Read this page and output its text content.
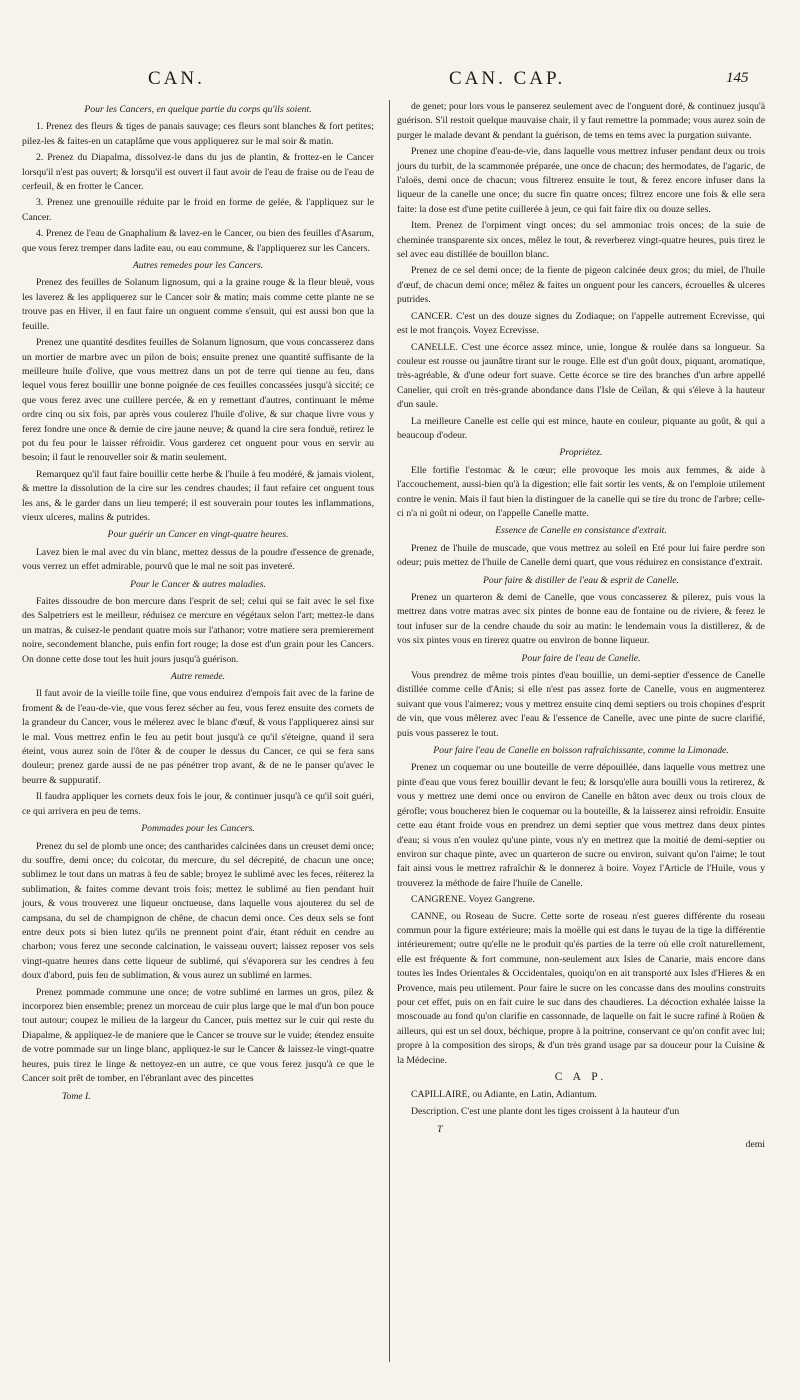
CAN.	CAN. CAP.	145
Pour les Cancers, en quelque partie du corps qu'ils soient.

1. Prenez des fleurs & tiges de panais sauvage; ces fleurs sont blanches & fort petites; pilez-les & faites-en un cataplâme que vous appliquerez sur le mal soir & matin.

2. Prenez du Diapalma, dissolvez-le dans du jus de plantin, & frottez-en le Cancer lorsqu'il n'est pas ouvert; & lorsqu'il est ouvert il faut avoir de l'eau de fraise ou de l'eau de cerfeuil, & en frotter le Cancer.

3. Prenez une grenouille réduite par le froid en forme de gelée, & l'appliquez sur le Cancer.

4. Prenez de l'eau de Gnaphalium & lavez-en le Cancer, ou bien des feuilles d'Asarum, que vous ferez tremper dans ladite eau, ou eau commune, & l'appliquerez sur les Cancers.

Autres remedes pour les Cancers.

Prenez des feuilles de Solanum lignosum, qui a la graine rouge & la fleur bleuë, vous les laverez & les appliquerez sur le Cancer soir & matin; mais comme cette plante ne se trouve pas en Hiver, il en faut faire un onguent comme s'ensuit, qui est aussi bon que la feuille.

Prenez une quantité desdites feuilles de Solanum lignosum, que vous concasserez dans un mortier de marbre avec un pilon de bois; ensuite prenez une quantité suffisante de la meilleure huile d'olive, que vous mettrez dans un pot de terre qui tienne au feu, dans lequel vous ferez bouillir une bonne poignée de ces feuilles concassées jusqu'à siccité; ce que vous ferez avec une cuillere percée, & en y remettant d'autres, continuant le même ordre cinq ou six fois, par après vous coulerez l'huile d'olive, & sur chaque livre vous y ferez fondre une once & demie de cire jaune neuve; & quand la cire sera fonduë, retirez le pot du feu pour le laisser réfroidir. Vous garderez cet onguent pour vous en servir au besoin; il faut le renouveller soir & matin seulement.

Remarquez qu'il faut faire bouillir cette herbe & l'huile à feu modéré, & jamais violent, & mettre la dissolution de la cire sur les cendres chaudes; il faut refaire cet onguent tous les ans, & le garder dans un lieu temperé; il est souverain pour toutes les inflammations, vieux ulceres, malins & putrides.

Pour guérir un Cancer en vingt-quatre heures.

Lavez bien le mal avec du vin blanc, mettez dessus de la poudre d'essence de grenade, vous verrez un effet admirable, pourvû que le mal ne soit pas inveteré.

Pour le Cancer & autres maladies.

Faites dissoudre de bon mercure dans l'esprit de sel; celui qui se fait avec le sel fixe des Salpetriers est le meilleur, réduisez ce mercure en végétaux selon l'art; mettez-le dans un matras, & cuisez-le pendant quatre mois sur l'athanor; votre matiere sera premierement noire, secondement blanche, puis enfin fort rouge; la dose est d'un grain pour les Cancers. On donne cette dose tout les huit jours jusqu'à guérison.

Autre remede.

Il faut avoir de la vieille toile fine, que vous enduirez d'empois fait avec de la farine de froment & de l'eau-de-vie, que vous ferez sécher au feu, vous ferez ensuite des cornets de la grandeur du Cancer, vous le mélerez avec le blanc d'œuf, & vous l'appliquerez ainsi sur le mal. Vous mettrez enfin le feu au petit bout jusqu'à ce qu'il s'éteigne, quand il sera éteint, vous aurez soin de l'ôter & de couper le dessus du Cancer, ce qui se fera sans douleur; prenez garde aussi de ne pas pénétrer trop avant, & de ne le panser qu'avec le beurre & suppuratif.

Il faudra appliquer les cornets deux fois le jour, & continuer jusqu'à ce qu'il soit guéri, ce qui arrivera en peu de tems.

Pommades pour les Cancers.

Prenez du sel de plomb une once; des cantharides calcinées dans un creuset demi once; du souffre, demi once; du colcotar, du mercure, du sel décrepité, de chacun une once; sublimez le tout dans un matras à feu de sable; broyez le sublimé avec les feces, réiterez la sublimation, & faites comme devant trois fois; mettez le sublimé au fien pendant huit jours, & vous trouverez une liqueur onctueuse, dans laquelle vous ajouterez du sel de campsana, du sel de champignon de chêne, de chacun demi once. Ces deux sels se font entre deux pots si bien lutez qu'ils ne prennent point d'air, étant réduit en cendre au charbon; vous ferez une seconde calcination, le vaisseau ouvert; laissez reposer vos sels vingt-quatre heures dans cette liqueur de sublimé, qui s'évaporera sur les cendres à feu doux d'abord, puis feu de sublimation, & vous aurez un sublimé en larmes.

Prenez pommade commune une once; de votre sublimé en larmes un gros, pilez & incorporez bien ensemble; prenez un morceau de cuir plus large que le mal d'un bon pouce tout autour; coupez le milieu de la largeur du Cancer, puis mettez sur le cuir qui reste du Diapalme, & appliquez-le de maniere que le Cancer se trouve sur le vuide; étendez ensuite de votre pommade sur un linge blanc, appliquez-le sur le Cancer & laissez-le vingt-quatre heures, puis tirez le linge & nettoyez-en un autre, ce que vous ferez jusqu'à ce que le Cancer soit prêt de tomber, en l'ébranlant avec des pincettes

Tome I.

de genet; pour lors vous le panserez seulement avec de l'onguent doré, & continuez jusqu'à guérison. S'il restoit quelque mauvaise chair, il y faut remettre la pommade; vous aurez soin de purger le malade devant & pendant la guérison, de tems en tems avec la purgation suivante.

Prenez une chopine d'eau-de-vie, dans laquelle vous mettrez infuser pendant deux ou trois jours du turbit, de la scammonée préparée, une once de chacun; des hermodates, de l'agaric, de l'aloës, demi once de chacun; vous filtrerez ensuite le tout, & ferez encore infuser dans la liqueur de la canelle une once; du sucre fin quatre onces; filtrez encore une fois & elle sera faite: la dose est d'une petite cuillerée à jeun, ce qui fait faire dix ou douze selles.

Item. Prenez de l'orpiment vingt onces; du sel ammoniac trois onces; de la suie de cheminée transparente six onces, mêlez le tout, & reverberez vingt-quatre heures, puis tirez le sel avec eau distillée de bouillon blanc.

Prenez de ce sel demi once; de la fiente de pigeon calcinée deux gros; du miel, de l'huile d'œuf, de chacun demi once; mêlez & faites un onguent pour les cancers, écrouelles & ulceres putrides.

CANCER. C'est un des douze signes du Zodiaque; on l'appelle autrement Ecrevisse, qui est le mot françois. Voyez Ecrevisse.

CANELLE. C'est une écorce assez mince, unie, longue & roulée dans sa longueur. Sa couleur est rousse ou jaunâtre tirant sur le rouge. Elle est d'un goût doux, piquant, aromatique, très-agréable, & d'une odeur fort suave. Cette écorce se tire des branches d'un arbre appellé Canelier, qui croît en très-grande abondance dans l'Isle de Ceïlan, & qui s'éleve à la hauteur d'un saule.

La meilleure Canelle est celle qui est mince, haute en couleur, piquante au goût, & qui a beaucoup d'odeur.

Propriétez.

Elle fortifie l'estomac & le cœur; elle provoque les mois aux femmes, & aide à l'accouchement, aussi-bien qu'à la digestion; elle fait sortir les vents, & on l'emploie utilement contre le venin. Mais il faut bien la distinguer de la canelle qui se tire du tronc de l'arbre; celle-ci n'a ni goût ni odeur, on l'appelle Canelle matte.

Essence de Canelle en consistance d'extrait.

Prenez de l'huile de muscade, que vous mettrez au soleil en Eté pour lui faire perdre son odeur; puis mettez de l'huile de Canelle demi quart, que vous réduirez en consistance d'extrait.

Pour faire & distiller de l'eau & esprit de Canelle.

Prenez un quarteron & demi de Canelle, que vous concasserez & pilerez, puis vous la mettrez dans votre matras avec six pintes de bonne eau de fontaine ou de riviere, & ferez le tout infuser sur de la cendre chaude du soir au matin: le lendemain vous la distillerez, & de vos six pintes vous en tirerez quatre ou environ de bonne liqueur.

Pour faire de l'eau de Canelle.

Vous prendrez de même trois pintes d'eau bouillie, un demi-septier d'essence de Canelle distillée comme celle d'Anis; si elle n'est pas assez forte de Canelle, vous en augmenterez suivant que vous l'aimerez; vous y mettrez ensuite cinq demi septiers ou trois chopines d'esprit de vin, que vous mêlerez avec l'eau & l'essence de Canelle, avec une pinte de sucre clarifié, puis vous passerez le tout.

Pour faire l'eau de Canelle en boisson rafraîchissante, comme la Limonade.

Prenez un coquemar ou une bouteille de verre dépouillée, dans laquelle vous mettrez une pinte d'eau que vous ferez bouillir devant le feu; & lorsqu'elle aura bouilli vous la retirerez, & vous y mettrez une demi once ou environ de Canelle en bâton avec deux ou trois cloux de gérofle; vous boucherez bien le coquemar ou la bouteille, & la laisserez ainsi refroidir. Ensuite cette eau étant froide vous en prendrez un demi septier que vous mettrez dans deux pintes d'eau; si vous n'en voulez qu'une pinte, vous n'y en mettrez que la moitié de demi-septier ou environ sur chaque pinte, avec un quarteron de sucre ou environ, suivant qu'on l'aime; le tout fait ainsi vous le mettrez rafraîchir & le donnerez à boire. Voyez l'Article de l'Huile, vous y trouverez la méthode de faire l'huile de Canelle.

CANGRENE. Voyez Gangrene.

CANNE, ou Roseau de Sucre. Cette sorte de roseau n'est gueres différente du roseau commun pour la figure extérieure; mais la moëlle qui est dans le tuyau de la tige la différentie intérieurement; outre qu'elle ne le produit qu'és parties de la terre où elle croît naturellement, elle est fréquente & fort commune, non-seulement aux Isles de Canarie, mais encore dans toutes les Indes Orientales & Occidentales, quoiqu'on en ait transporté aux Isles d'Hieres & en Provence, mais peu utilement. Pour faire le sucre on les concasse dans des moulins construits pour cet effet, puis on en fait cuire le suc dans des chaudieres. La décoction exhalée laisse la moscouade au fond qu'on clarifie en cassonnade, de laquelle on fait le sucre rafiné à Roüen & ailleurs, qui est un sel doux, béchique, propre à la poitrine, conservant ce qu'on confit avec lui; propre à la composition des sirops, & d'un très grand usage par sa douceur pour la Cuisine & la Médecine.

C A P.

CAPILLAIRE, ou Adiante, en Latin, Adiantum.

Description. C'est une plante dont les tiges croissent à la hauteur d'un

T
demi
